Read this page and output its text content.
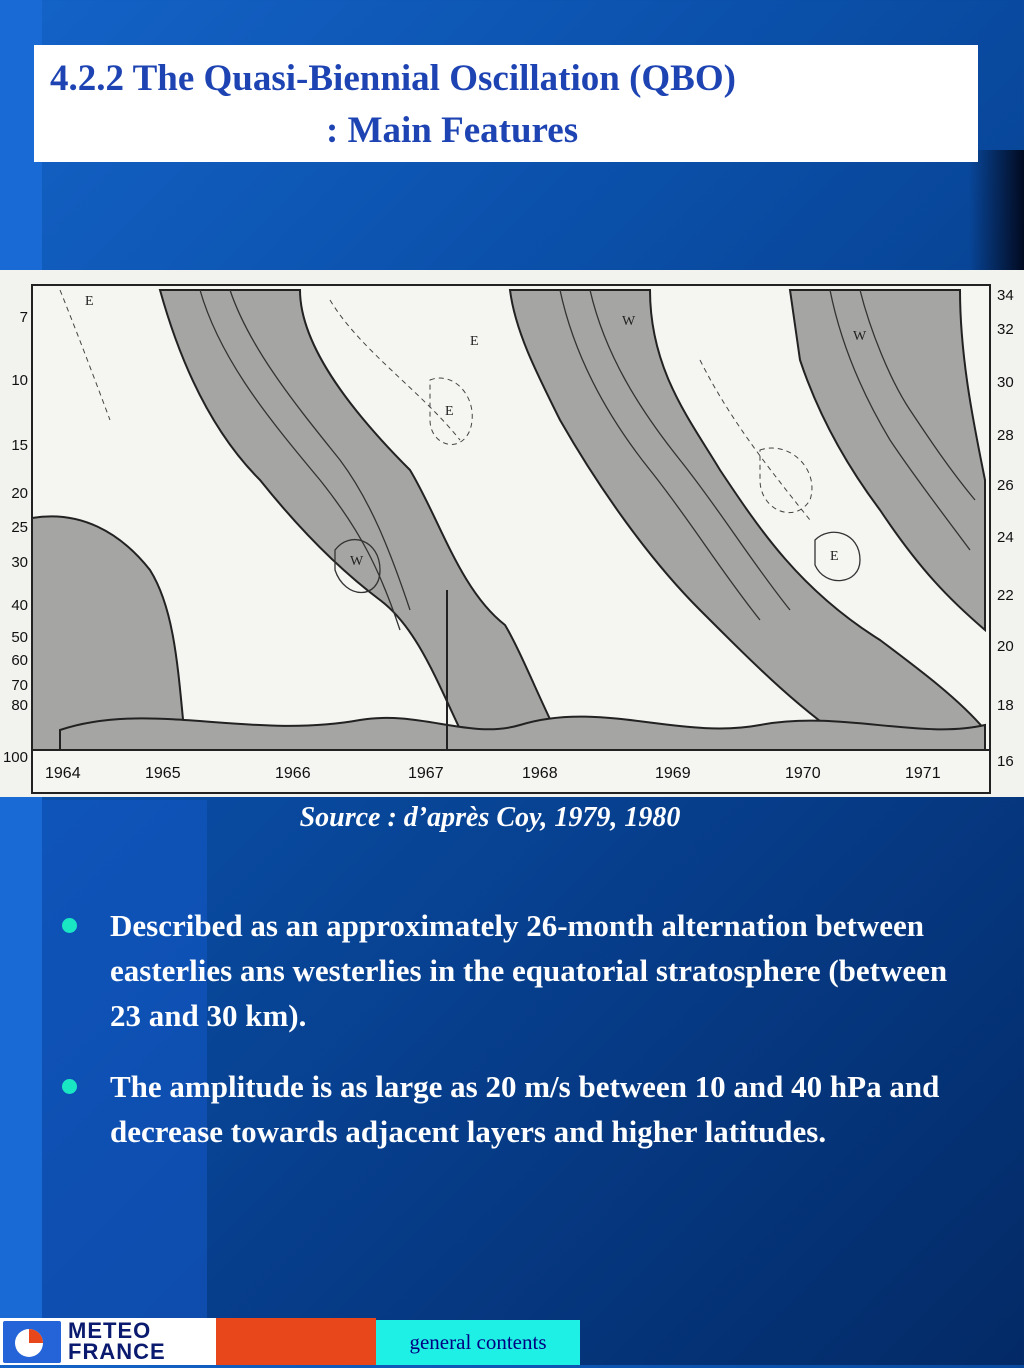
4.2.2 The Quasi-Biennial Oscillation (QBO)
: Main Features
1964	1965	1966	1967	1968	1969	1970	1971
7
10
15
20
25
30
40
50
60
70
80
100
34
32
30
28
26
24
22
20
18
16
E
W
E
W
E
E
W
Source : d’après Coy, 1979, 1980
Described as an approximately 26-month alternation between easterlies ans westerlies in the equatorial stratosphere (between 23 and 30 km).
The amplitude is as large as 20 m/s between 10 and 40 hPa and decrease towards adjacent layers and higher latitudes.
METEO
FRANCE	general contents
